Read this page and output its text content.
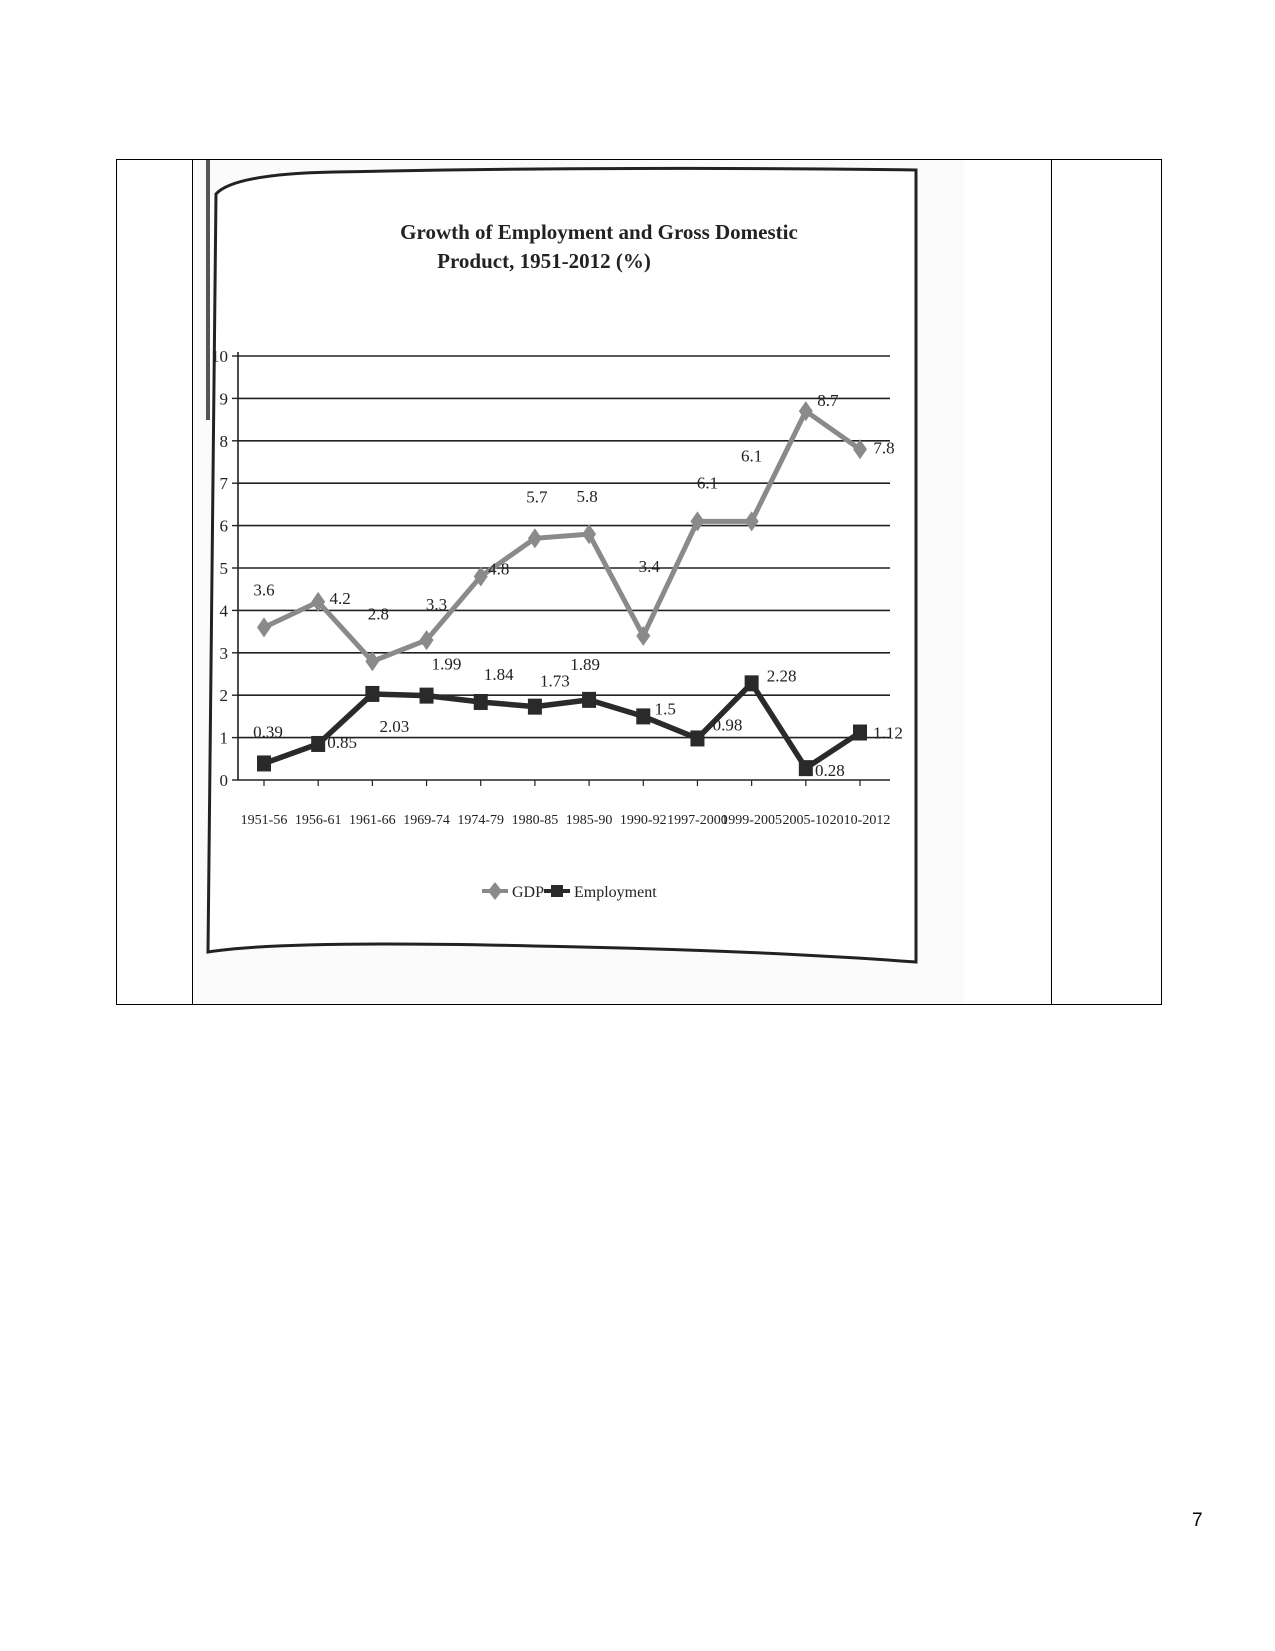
Growth of Employment and Gross Domestic
Product, 1951-2012 (%)
0
1
2
3
4
5
6
7
8
9
10
1951-56 1956-61 1961-66 1969-74 1974-79 1980-85 1985-90 1990-92 1997-2000
1999-2005 2005-10 2010-2012
3.6	4.2
2.8 3.3
4.8
5.7 5.8
3.4
6.1
6.1
8.7
7.8
0.39
0.85
2.03
1.99
1.84 1.73
1.89
1.5
0.98
2.28
0.28
1.12
GDP Employment
7
